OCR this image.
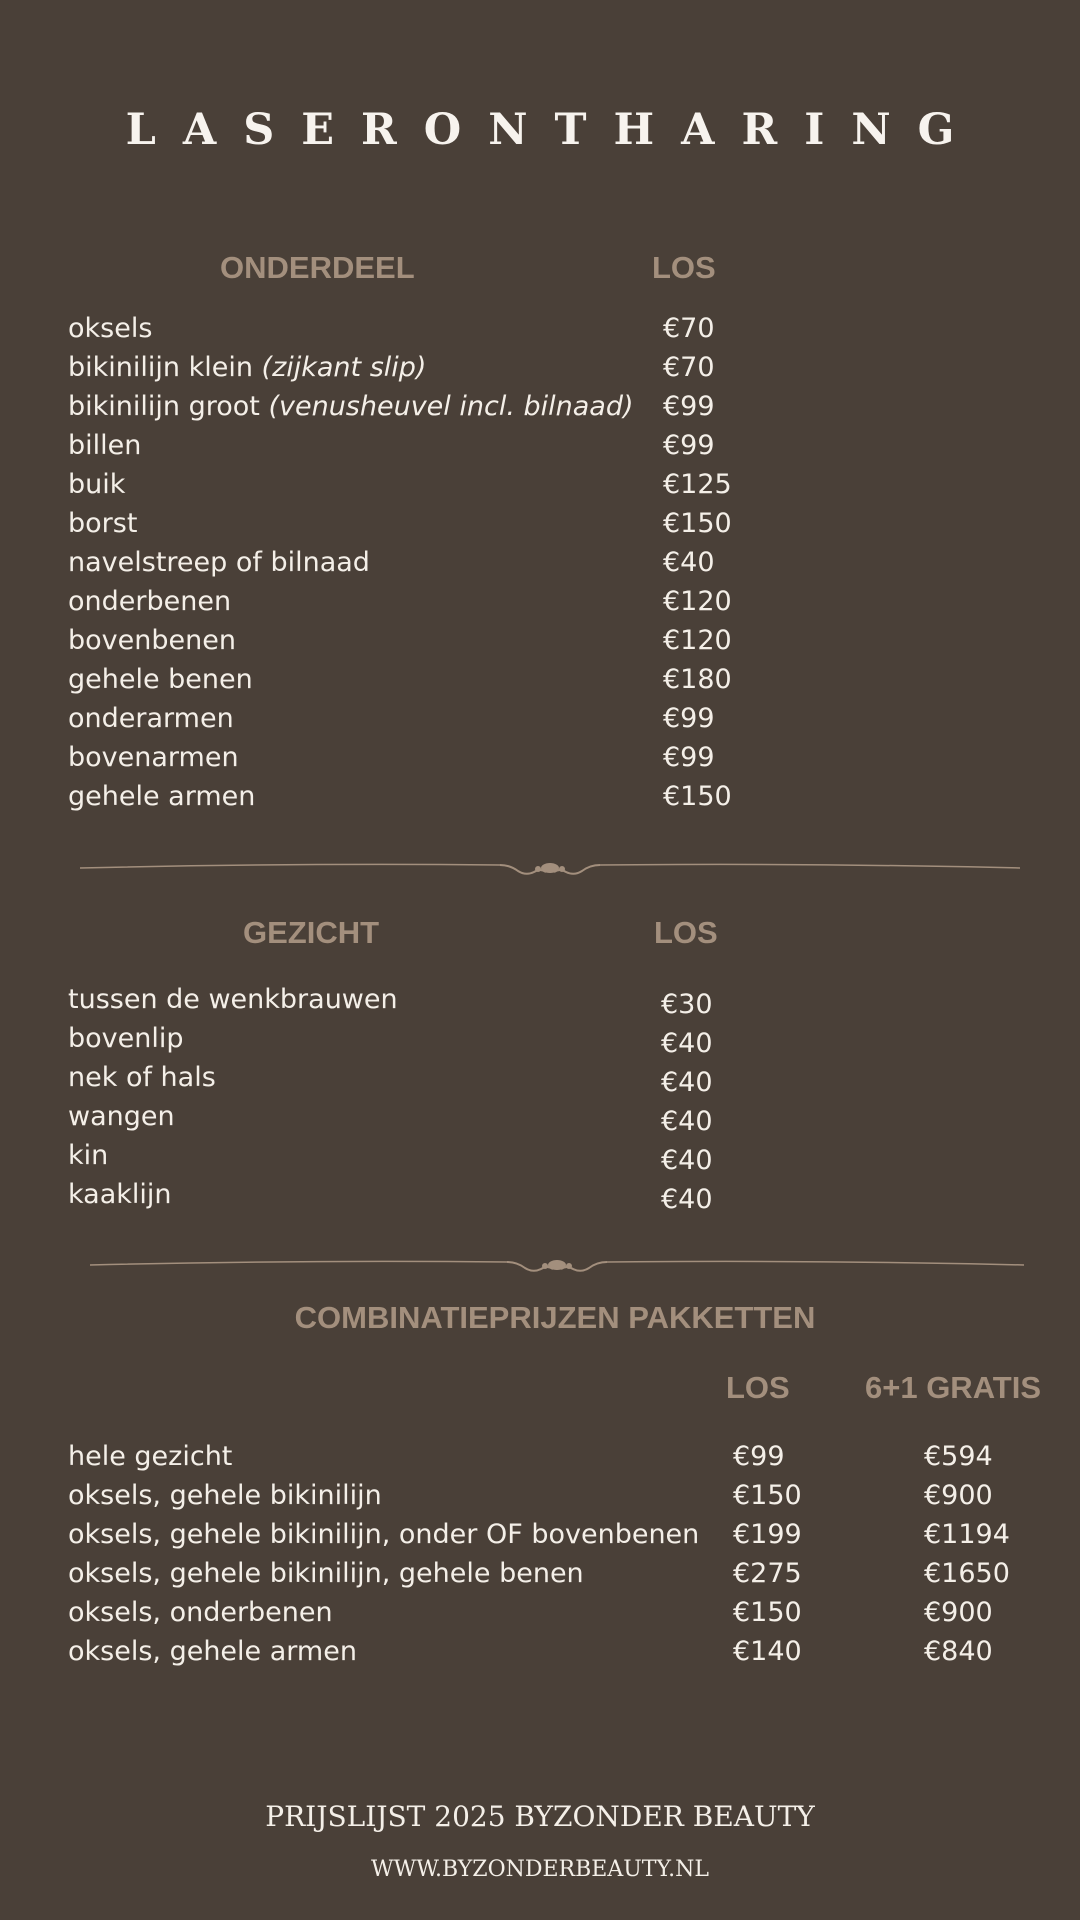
LASERONTHARING
ONDERDEEL	LOS
oksels	€70
bikinilijn klein (zijkant slip)	€70
bikinilijn groot (venusheuvel incl. bilnaad) €99
billen	€99
buik	€125
borst	€150
navelstreep of bilnaad	€40
onderbenen	€120
bovenbenen	€120
gehele benen	€180
onderarmen	€99
bovenarmen	€99
gehele armen	€150
GEZICHT	LOS
tussen de wenkbrauwen	€30
bovenlip	€40
nek of hals	€40
wangen	€40
kin	€40
kaaklijn	€40
COMBINATIEPRIJZEN PAKKETTEN
LOS 6+1 GRATIS
hele gezicht	€99	€594
oksels, gehele bikinilijn	€150	€900
oksels, gehele bikinilijn, onder OF bovenbenen €199	€1194
oksels, gehele bikinilijn, gehele benen	€275	€1650
oksels, onderbenen	€150	€900
oksels, gehele armen	€140	€840
PRIJSLIJST 2025 BYZONDER BEAUTY
WWW.BYZONDERBEAUTY.NL
